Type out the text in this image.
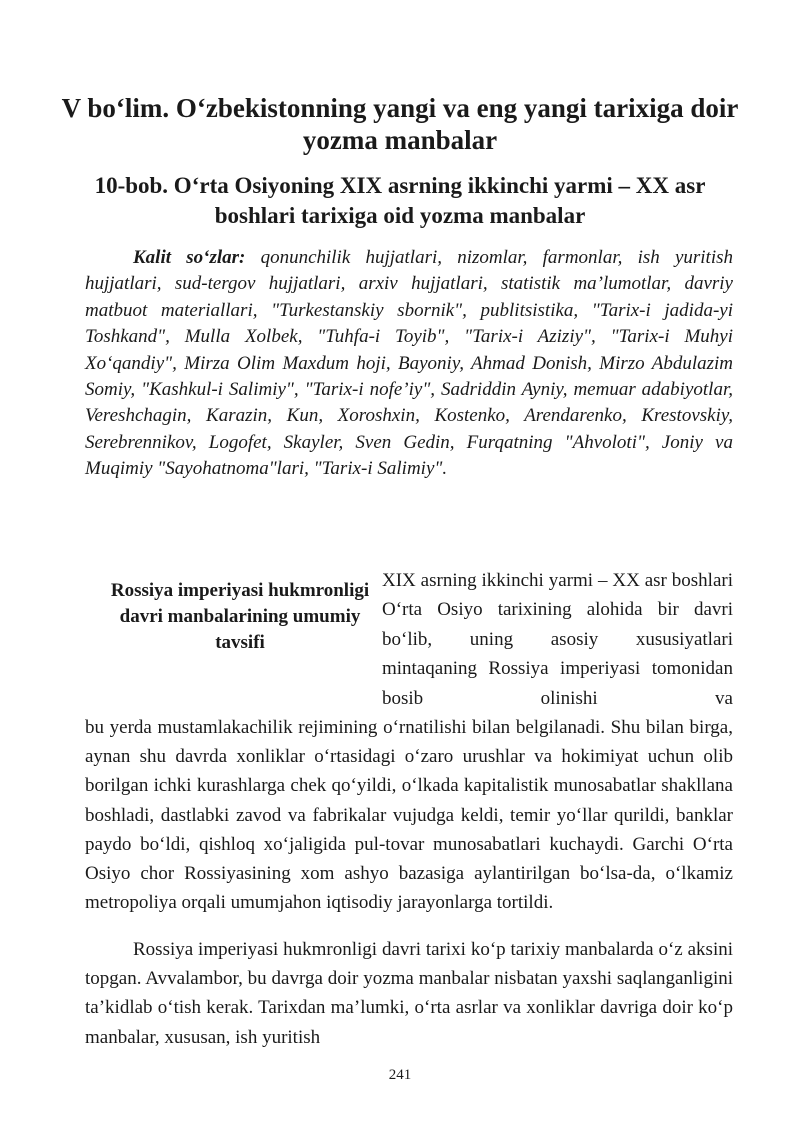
V bo‘lim. O‘zbekistonning yangi va eng yangi tarixiga doir yozma manbalar
10-bob. O‘rta Osiyoning XIX asrning ikkinchi yarmi – XX asr boshlari tarixiga oid yozma manbalar

Kalit so‘zlar: qonunchilik hujjatlari, nizomlar, farmonlar, ish yuritish hujjatlari, sud-tergov hujjatlari, arxiv hujjatlari, statistik ma’lumotlar, davriy matbuot materiallari, "Turkestanskiy sbornik", publitsistika, "Tarix-i jadida-yi Toshkand", Mulla Xolbek, "Tuhfa-i Toyib", "Tarix-i Aziziy", "Tarix-i Muhyi Xo‘qandiy", Mirza Olim Maxdum hoji, Bayoniy, Ahmad Donish, Mirzo Abdulazim Somiy, "Kashkul-i Salimiy", "Tarix-i nofe’iy", Sadriddin Ayniy, memuar adabiyotlar, Vereshchagin, Karazin, Kun, Xoroshxin, Kostenko, Arendarenko, Krestovskiy, Serebrennikov, Logofet, Skayler, Sven Gedin, Furqatning "Ahvoloti", Joniy va Muqimiy "Sayohatnoma"lari, "Tarix-i Salimiy".

Rossiya imperiyasi hukmronligi davri manbalarining umumiy tavsifi

XIX asrning ikkinchi yarmi – XX asr boshlari O‘rta Osiyo tarixining alohida bir davri bo‘lib, uning asosiy xususiyatlari mintaqaning Rossiya imperiyasi tomonidan bosib olinishi va

bu yerda mustamlakachilik rejimining o‘rnatilishi bilan belgilanadi. Shu bilan birga, aynan shu davrda xonliklar o‘rtasidagi o‘zaro urushlar va hokimiyat uchun olib borilgan ichki kurashlarga chek qo‘yildi, o‘lkada kapitalistik munosabatlar shakllana boshladi, dastlabki zavod va fabrikalar vujudga keldi, temir yo‘llar qurildi, banklar paydo bo‘ldi, qishloq xo‘jaligida pul-tovar munosabatlari kuchaydi. Garchi O‘rta Osiyo chor Rossiyasining xom ashyo bazasiga aylantirilgan bo‘lsa-da, o‘lkamiz metropoliya orqali umumjahon iqtisodiy jarayonlarga tortildi.

Rossiya imperiyasi hukmronligi davri tarixi ko‘p tarixiy manbalarda o‘z aksini topgan. Avvalambor, bu davrga doir yozma manbalar nisbatan yaxshi saqlanganligini ta’kidlab o‘tish kerak. Tarixdan ma’lumki, o‘rta asrlar va xonliklar davriga doir ko‘p manbalar, xususan, ish yuritish

241
